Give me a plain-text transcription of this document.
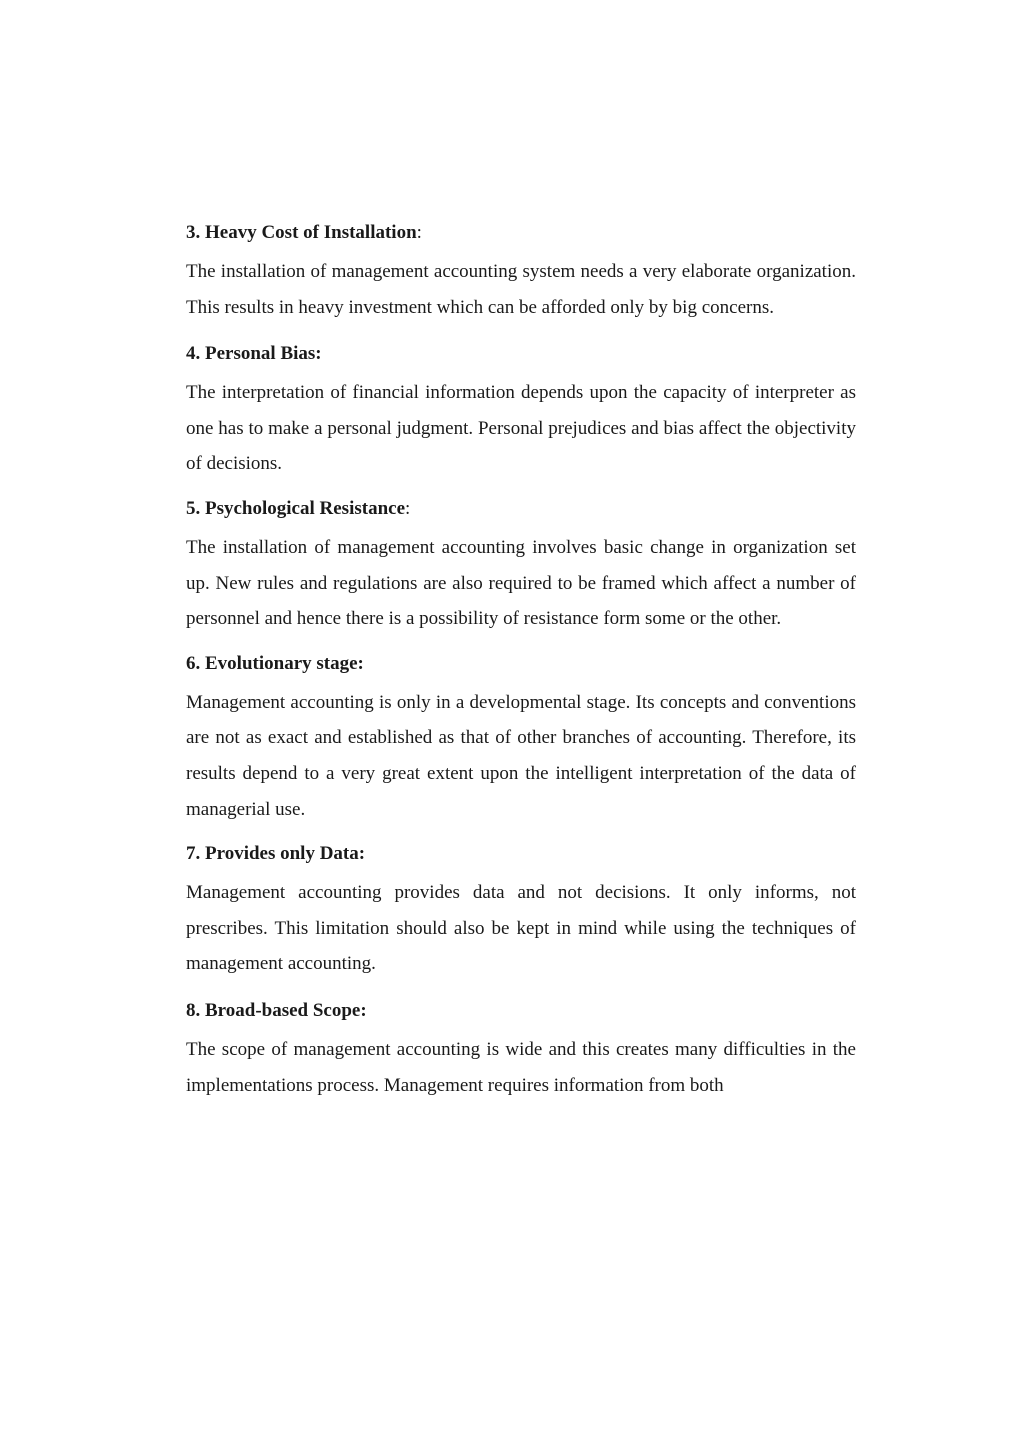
3. Heavy Cost of Installation:

The installation of management accounting system needs a very elaborate organization. This results in heavy investment which can be afforded only by big concerns.

4. Personal Bias:

The interpretation of financial information depends upon the capacity of interpreter as one has to make a personal judgment. Personal prejudices and bias affect the objectivity of decisions.

5. Psychological Resistance:

The installation of management accounting involves basic change in organization set up. New rules and regulations are also required to be framed which affect a number of personnel and hence there is a possibility of resistance form some or the other.

6. Evolutionary stage:

Management accounting is only in a developmental stage. Its concepts and conventions are not as exact and established as that of other branches of accounting. Therefore, its results depend to a very great extent upon the intelligent interpretation of the data of managerial use.

7. Provides only Data:

Management accounting provides data and not decisions. It only informs, not prescribes. This limitation should also be kept in mind while using the techniques of management accounting.

8. Broad-based Scope:

The scope of management accounting is wide and this creates many difficulties in the implementations process. Management requires information from both
